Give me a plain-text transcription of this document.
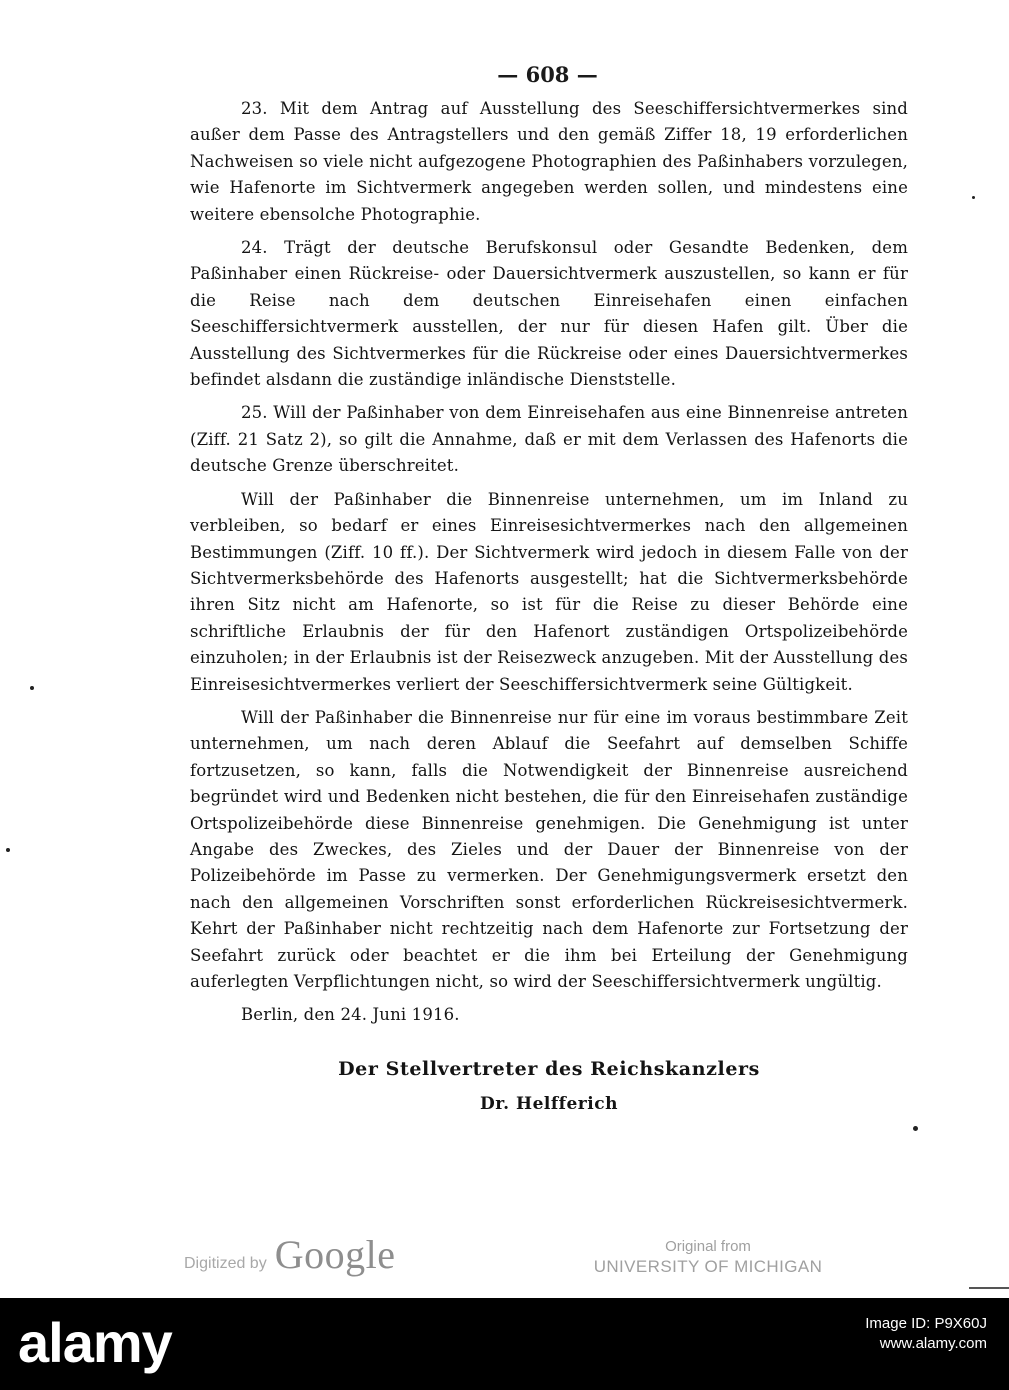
— 608 —

23. Mit dem Antrag auf Ausstellung des Seeschiffersichtvermerkes sind außer dem Passe des Antragstellers und den gemäß Ziffer 18, 19 erforderlichen Nachweisen so viele nicht aufgezogene Photographien des Paßinhabers vorzulegen, wie Hafenorte im Sichtvermerk angegeben werden sollen, und mindestens eine weitere ebensolche Photographie.

24. Trägt der deutsche Berufskonsul oder Gesandte Bedenken, dem Paßinhaber einen Rückreise- oder Dauersichtvermerk auszustellen, so kann er für die Reise nach dem deutschen Einreisehafen einen einfachen Seeschiffersichtvermerk ausstellen, der nur für diesen Hafen gilt. Über die Ausstellung des Sichtvermerkes für die Rückreise oder eines Dauersichtvermerkes befindet alsdann die zuständige inländische Dienststelle.

25. Will der Paßinhaber von dem Einreisehafen aus eine Binnenreise antreten (Ziff. 21 Satz 2), so gilt die Annahme, daß er mit dem Verlassen des Hafenorts die deutsche Grenze überschreitet.

Will der Paßinhaber die Binnenreise unternehmen, um im Inland zu verbleiben, so bedarf er eines Einreisesichtvermerkes nach den allgemeinen Bestimmungen (Ziff. 10 ff.). Der Sichtvermerk wird jedoch in diesem Falle von der Sichtvermerksbehörde des Hafenorts ausgestellt; hat die Sichtvermerksbehörde ihren Sitz nicht am Hafenorte, so ist für die Reise zu dieser Behörde eine schriftliche Erlaubnis der für den Hafenort zuständigen Ortspolizeibehörde einzuholen; in der Erlaubnis ist der Reisezweck anzugeben. Mit der Ausstellung des Einreisesichtvermerkes verliert der Seeschiffersichtvermerk seine Gültigkeit.

Will der Paßinhaber die Binnenreise nur für eine im voraus bestimmbare Zeit unternehmen, um nach deren Ablauf die Seefahrt auf demselben Schiffe fortzusetzen, so kann, falls die Notwendigkeit der Binnenreise ausreichend begründet wird und Bedenken nicht bestehen, die für den Einreisehafen zuständige Ortspolizeibehörde diese Binnenreise genehmigen. Die Genehmigung ist unter Angabe des Zweckes, des Zieles und der Dauer der Binnenreise von der Polizeibehörde im Passe zu vermerken. Der Genehmigungsvermerk ersetzt den nach den allgemeinen Vorschriften sonst erforderlichen Rückreisesichtvermerk. Kehrt der Paßinhaber nicht rechtzeitig nach dem Hafenorte zur Fortsetzung der Seefahrt zurück oder beachtet er die ihm bei Erteilung der Genehmigung auferlegten Verpflichtungen nicht, so wird der Seeschiffersichtvermerk ungültig.

Berlin, den 24. Juni 1916.

Der Stellvertreter des Reichskanzlers
Dr. Helfferich
Digitized by Google	Original from
UNIVERSITY OF MICHIGAN
alamy	Image ID: P9X60J
www.alamy.com
